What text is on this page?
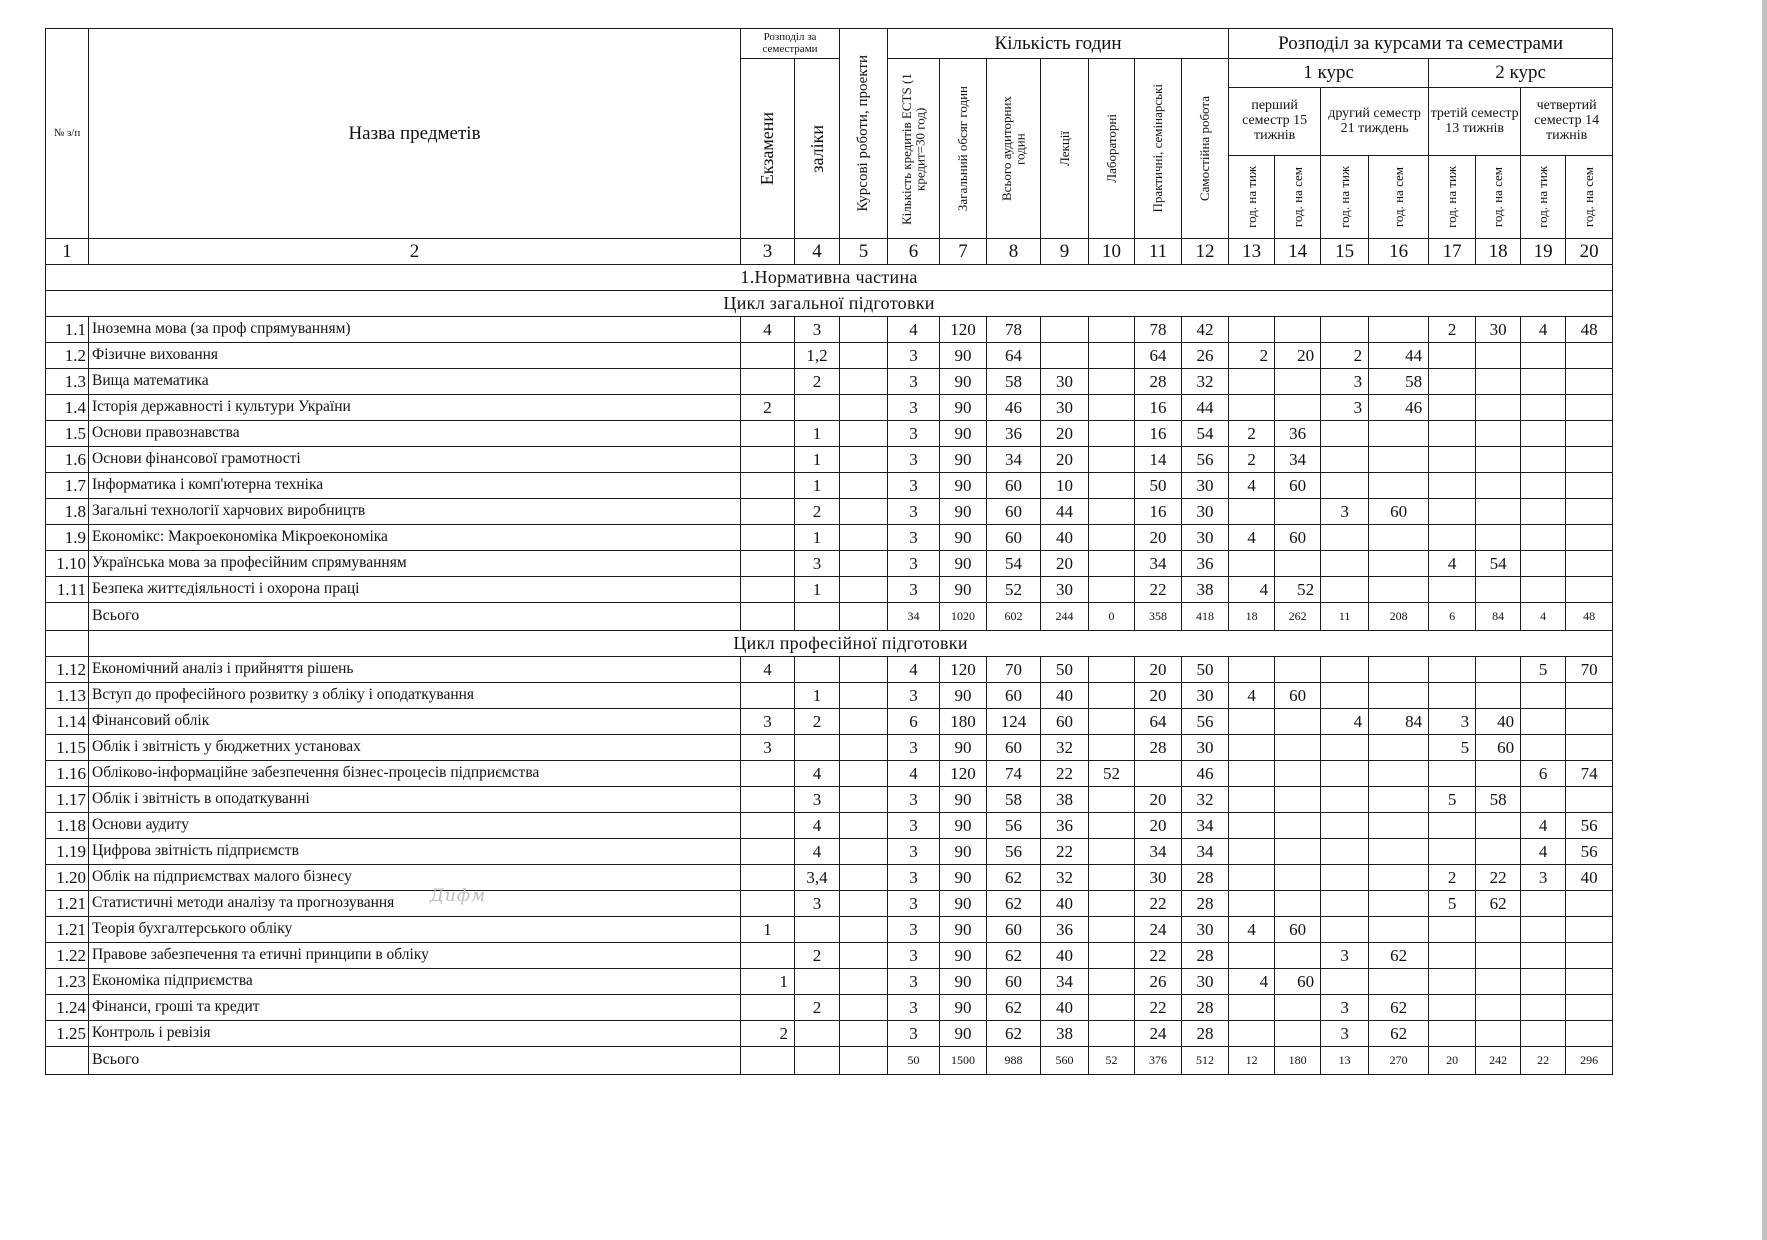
№ з/п	Назва предметів	Розподіл за семестрами		Курсові роботи, проекти	Кількість годин							Розподіл за курсами та семестрами							

		Екзамени	заліки		Кількість кредитів ECTS (1 кредит=30 год)	Загальний обсяг годин	Всього аудиторних годин	Лекції	Лабораторні	Практичні, семінарські	Самостійна робота	1 курс				2 курс			
												перший семестр 15 тижнів		другий семестр 21 тиждень		третій семестр 13 тижнів		четвертий семестр 14 тижнів	

												год. на тиж	год. на сем	год. на тиж	год. на сем	год. на тиж	год. на сем	год. на тиж	год. на сем

1	2	3	4	5	6	7	8	9	10	11	12	13	14	15	16	17	18	19	20
1.Нормативна частина																			
Цикл загальної підготовки																			
1.1	Іноземна мова (за проф спрямуванням)	4	3		4	120	78			78	42					2	30	4	48
1.2	Фізичне виховання		1,2		3	90	64			64	26	2	20	2	44				
1.3	Вища математика		2		3	90	58	30		28	32			3	58				
1.4	Історія державності і культури України	2			3	90	46	30		16	44			3	46				
1.5	Основи правознавства		1		3	90	36	20		16	54	2	36						
1.6	Основи фінансової грамотності		1		3	90	34	20		14	56	2	34						
1.7	Інформатика і комп'ютерна техніка		1		3	90	60	10		50	30	4	60						
1.8	Загальні технології харчових виробництв		2		3	90	60	44		16	30			3	60				
1.9	Економікс: Макроекономіка Мікроекономіка		1		3	90	60	40		20	30	4	60						
1.10	Українська мова за професійним спрямуванням		3		3	90	54	20		34	36					4	54		
1.11	Безпека життєдіяльності і охорона праці		1		3	90	52	30		22	38	4	52						
	Всього				34	1020	602	244	0	358	418	18	262	11	208	6	84	4	48
	Цикл професійної підготовки																		
1.12	Економічний аналіз і прийняття рішень	4			4	120	70	50		20	50							5	70
1.13	Вступ до професійного розвитку з обліку і оподаткування		1		3	90	60	40		20	30	4	60						
1.14	Фінансовий облік	3	2		6	180	124	60		64	56			4	84	3	40		
1.15	Облік і звітність у бюджетних установах	3			3	90	60	32		28	30					5	60		
1.16	Обліково-інформаційне забезпечення бізнес-процесів підприємства		4		4	120	74	22	52		46							6	74
1.17	Облік і звітність в оподаткуванні		3		3	90	58	38		20	32					5	58		
1.18	Основи аудиту		4		3	90	56	36		20	34							4	56
1.19	Цифрова звітність підприємств		4		3	90	56	22		34	34							4	56
1.20	Облік на підприємствах малого бізнесу		3,4		3	90	62	32		30	28					2	22	3	40
1.21	Статистичні методи аналізу та прогнозування		3		3	90	62	40		22	28					5	62		
1.21	Теорія бухгалтерського обліку	1			3	90	60	36		24	30	4	60						
1.22	Правове забезпечення та етичні принципи в обліку		2		3	90	62	40		22	28			3	62				
1.23	Економіка підприємства	1			3	90	60	34		26	30	4	60						
1.24	Фінанси, гроші та кредит		2		3	90	62	40		22	28			3	62				
1.25	Контроль і ревізія	2			3	90	62	38		24	28			3	62				
	Всього				50	1500	988	560	52	376	512	12	180	13	270	20	242	22	296
Дифм
